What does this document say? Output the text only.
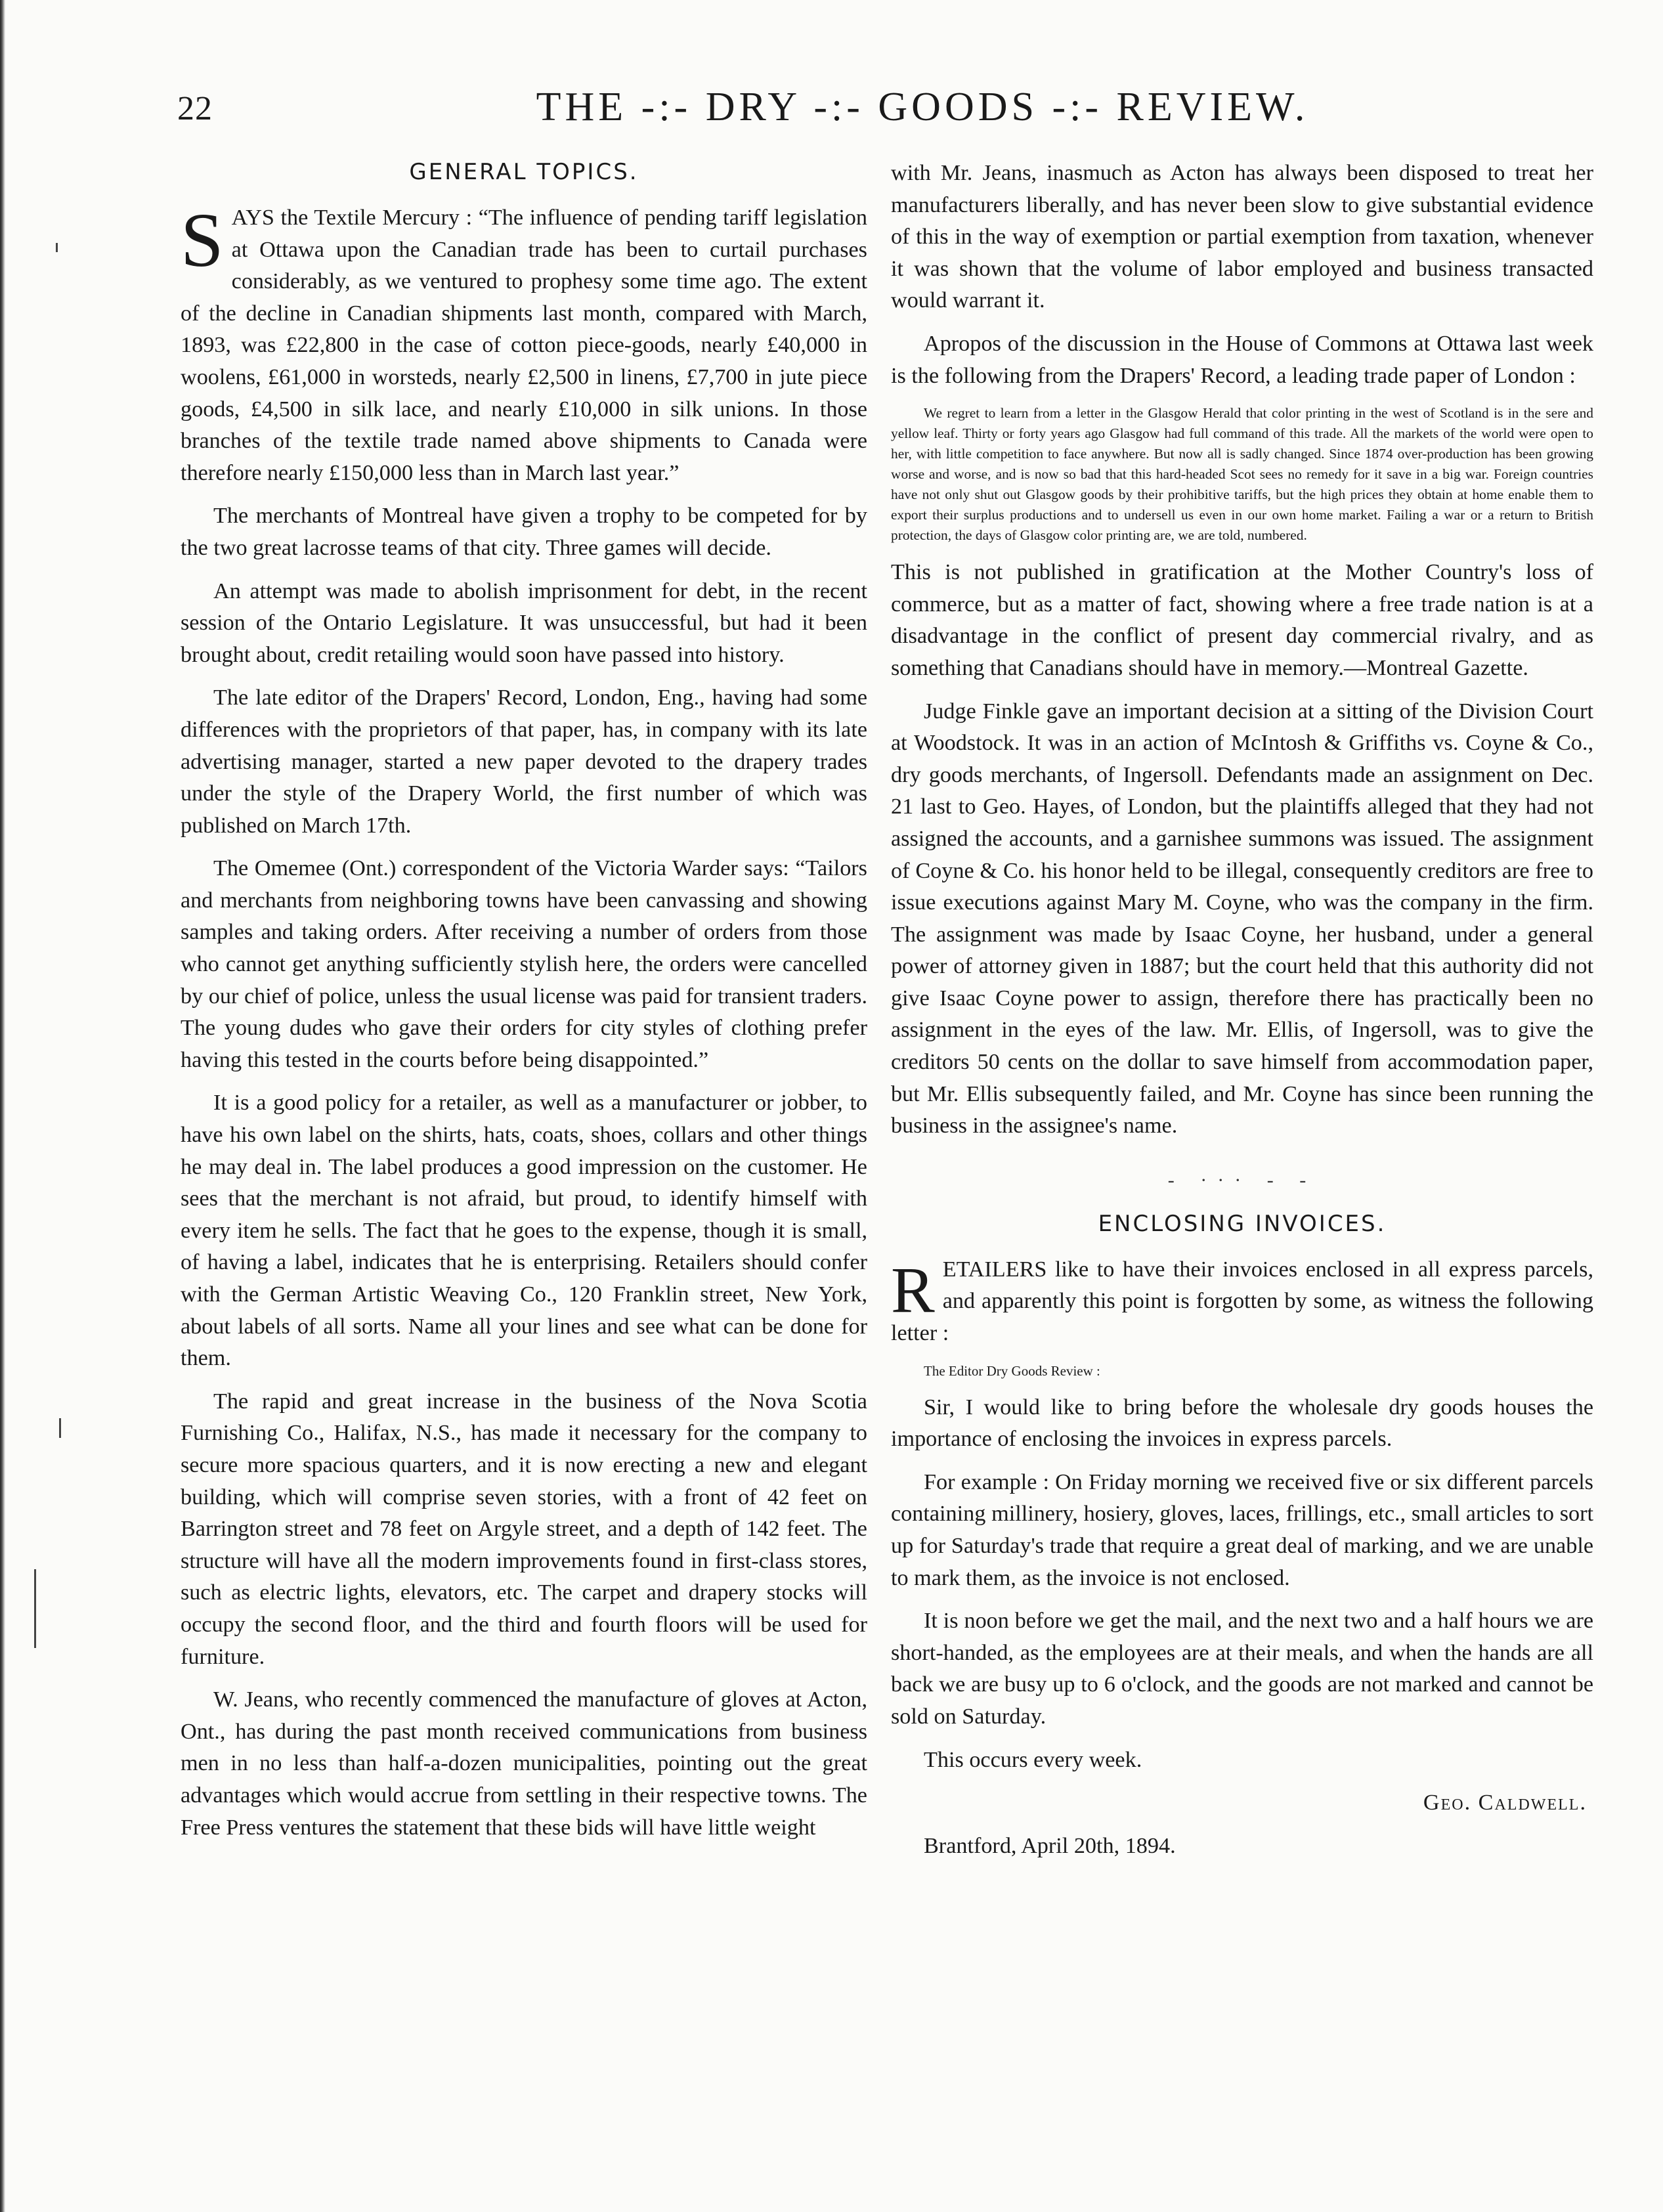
22	THE -:- DRY -:- GOODS -:- REVIEW.
GENERAL TOPICS.

SAYS the Textile Mercury : “The influence of pending tariff legislation at Ottawa upon the Canadian trade has been to curtail purchases considerably, as we ventured to prophesy some time ago. The extent of the decline in Canadian shipments last month, compared with March, 1893, was £22,800 in the case of cotton piece-goods, nearly £40,000 in woolens, £61,000 in worsteds, nearly £2,500 in linens, £7,700 in jute piece goods, £4,500 in silk lace, and nearly £10,000 in silk unions. In those branches of the textile trade named above shipments to Canada were therefore nearly £150,000 less than in March last year.”

The merchants of Montreal have given a trophy to be competed for by the two great lacrosse teams of that city. Three games will decide.

An attempt was made to abolish imprisonment for debt, in the recent session of the Ontario Legislature. It was unsuccessful, but had it been brought about, credit retailing would soon have passed into history.

The late editor of the Drapers' Record, London, Eng., having had some differences with the proprietors of that paper, has, in company with its late advertising manager, started a new paper devoted to the drapery trades under the style of the Drapery World, the first number of which was published on March 17th.

The Omemee (Ont.) correspondent of the Victoria Warder says: “Tailors and merchants from neighboring towns have been canvassing and showing samples and taking orders. After receiving a number of orders from those who cannot get anything sufficiently stylish here, the orders were cancelled by our chief of police, unless the usual license was paid for transient traders. The young dudes who gave their orders for city styles of clothing prefer having this tested in the courts before being disappointed.”

It is a good policy for a retailer, as well as a manufacturer or jobber, to have his own label on the shirts, hats, coats, shoes, collars and other things he may deal in. The label produces a good impression on the customer. He sees that the merchant is not afraid, but proud, to identify himself with every item he sells. The fact that he goes to the expense, though it is small, of having a label, indicates that he is enterprising. Retailers should confer with the German Artistic Weaving Co., 120 Franklin street, New York, about labels of all sorts. Name all your lines and see what can be done for them.

The rapid and great increase in the business of the Nova Scotia Furnishing Co., Halifax, N.S., has made it necessary for the company to secure more spacious quarters, and it is now erecting a new and elegant building, which will comprise seven stories, with a front of 42 feet on Barrington street and 78 feet on Argyle street, and a depth of 142 feet. The structure will have all the modern improvements found in first-class stores, such as electric lights, elevators, etc. The carpet and drapery stocks will occupy the second floor, and the third and fourth floors will be used for furniture.

W. Jeans, who recently commenced the manufacture of gloves at Acton, Ont., has during the past month received communications from business men in no less than half-a-dozen municipalities, pointing out the great advantages which would accrue from settling in their respective towns. The Free Press ventures the statement that these bids will have little weight

with Mr. Jeans, inasmuch as Acton has always been disposed to treat her manufacturers liberally, and has never been slow to give substantial evidence of this in the way of exemption or partial exemption from taxation, whenever it was shown that the volume of labor employed and business transacted would warrant it.

Apropos of the discussion in the House of Commons at Ottawa last week is the following from the Drapers' Record, a leading trade paper of London :

We regret to learn from a letter in the Glasgow Herald that color printing in the west of Scotland is in the sere and yellow leaf. Thirty or forty years ago Glasgow had full command of this trade. All the markets of the world were open to her, with little competition to face anywhere. But now all is sadly changed. Since 1874 over-production has been growing worse and worse, and is now so bad that this hard-headed Scot sees no remedy for it save in a big war. Foreign countries have not only shut out Glasgow goods by their prohibitive tariffs, but the high prices they obtain at home enable them to export their surplus productions and to undersell us even in our own home market. Failing a war or a return to British protection, the days of Glasgow color printing are, we are told, numbered.

This is not published in gratification at the Mother Country's loss of commerce, but as a matter of fact, showing where a free trade nation is at a disadvantage in the conflict of present day commercial rivalry, and as something that Canadians should have in memory.—Montreal Gazette.

Judge Finkle gave an important decision at a sitting of the Division Court at Woodstock. It was in an action of McIntosh & Griffiths vs. Coyne & Co., dry goods merchants, of Ingersoll. Defendants made an assignment on Dec. 21 last to Geo. Hayes, of London, but the plaintiffs alleged that they had not assigned the accounts, and a garnishee summons was issued. The assignment of Coyne & Co. his honor held to be illegal, consequently creditors are free to issue executions against Mary M. Coyne, who was the company in the firm. The assignment was made by Isaac Coyne, her husband, under a general power of attorney given in 1887; but the court held that this authority did not give Isaac Coyne power to assign, therefore there has practically been no assignment in the eyes of the law. Mr. Ellis, of Ingersoll, was to give the creditors 50 cents on the dollar to save himself from accommodation paper, but Mr. Ellis subsequently failed, and Mr. Coyne has since been running the business in the assignee's name.

- ··· - -
ENCLOSING INVOICES.

RETAILERS like to have their invoices enclosed in all express parcels, and apparently this point is forgotten by some, as witness the following letter :

The Editor Dry Goods Review :

Sir, I would like to bring before the wholesale dry goods houses the importance of enclosing the invoices in express parcels.

For example : On Friday morning we received five or six different parcels containing millinery, hosiery, gloves, laces, frillings, etc., small articles to sort up for Saturday's trade that require a great deal of marking, and we are unable to mark them, as the invoice is not enclosed.

It is noon before we get the mail, and the next two and a half hours we are short-handed, as the employees are at their meals, and when the hands are all back we are busy up to 6 o'clock, and the goods are not marked and cannot be sold on Saturday.

This occurs every week.

Geo. Caldwell.

Brantford, April 20th, 1894.
